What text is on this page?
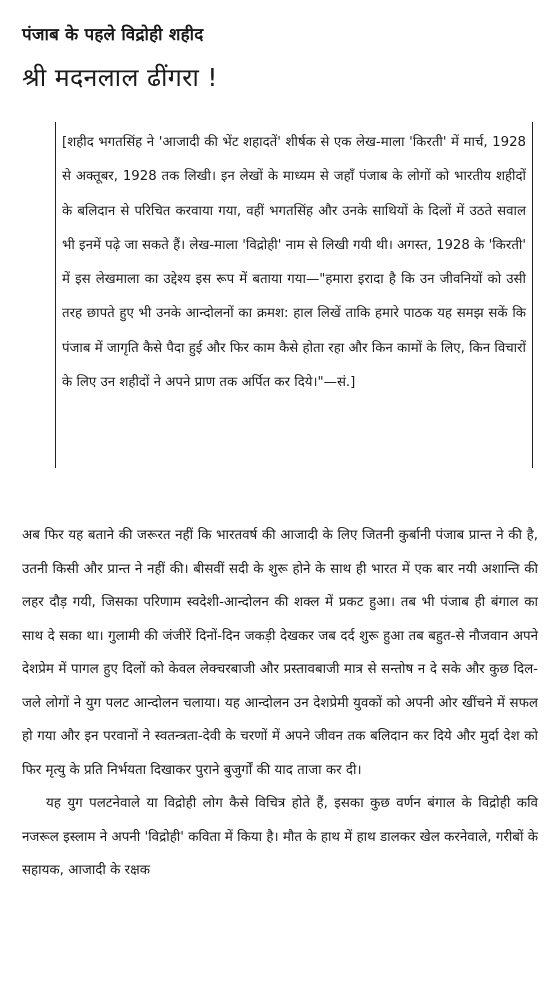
पंजाब के पहले विद्रोही शहीद
श्री मदनलाल ढींगरा !

[शहीद भगतसिंह ने 'आजादी की भेंट शहादतें' शीर्षक से एक लेख-माला 'किरती' में मार्च, 1928 से अक्तूबर, 1928 तक लिखी। इन लेखों के माध्यम से जहाँ पंजाब के लोगों को भारतीय शहीदों के बलिदान से परिचित करवाया गया, वहीं भगतसिंह और उनके साथियों के दिलों में उठते सवाल भी इनमें पढ़े जा सकते हैं। लेख-माला 'विद्रोही' नाम से लिखी गयी थी। अगस्त, 1928 के 'किरती' में इस लेखमाला का उद्देश्य इस रूप में बताया गया—"हमारा इरादा है कि उन जीवनियों को उसी तरह छापते हुए भी उनके आन्दोलनों का क्रमश: हाल लिखें ताकि हमारे पाठक यह समझ सकें कि पंजाब में जागृति कैसे पैदा हुई और फिर काम कैसे होता रहा और किन कामों के लिए, किन विचारों के लिए उन शहीदों ने अपने प्राण तक अर्पित कर दिये।"—सं.]

अब फिर यह बताने की जरूरत नहीं कि भारतवर्ष की आजादी के लिए जितनी कुर्बानी पंजाब प्रान्त ने की है, उतनी किसी और प्रान्त ने नहीं की। बीसवीं सदी के शुरू होने के साथ ही भारत में एक बार नयी अशान्ति की लहर दौड़ गयी, जिसका परिणाम स्वदेशी-आन्दोलन की शक्ल में प्रकट हुआ। तब भी पंजाब ही बंगाल का साथ दे सका था। गुलामी की जंजीरें दिनों-दिन जकड़ी देखकर जब दर्द शुरू हुआ तब बहुत-से नौजवान अपने देशप्रेम में पागल हुए दिलों को केवल लेक्चरबाजी और प्रस्तावबाजी मात्र से सन्तोष न दे सके और कुछ दिल-जले लोगों ने युग पलट आन्दोलन चलाया। यह आन्दोलन उन देशप्रेमी युवकों को अपनी ओर खींचने में सफल हो गया और इन परवानों ने स्वतन्त्रता-देवी के चरणों में अपने जीवन तक बलिदान कर दिये और मुर्दा देश को फिर मृत्यु के प्रति निर्भयता दिखाकर पुराने बुजुर्गों की याद ताजा कर दी।

यह युग पलटनेवाले या विद्रोही लोग कैसे विचित्र होते हैं, इसका कुछ वर्णन बंगाल के विद्रोही कवि नजरूल इस्लाम ने अपनी 'विद्रोही' कविता में किया है। मौत के हाथ में हाथ डालकर खेल करनेवाले, गरीबों के सहायक, आजादी के रक्षक
